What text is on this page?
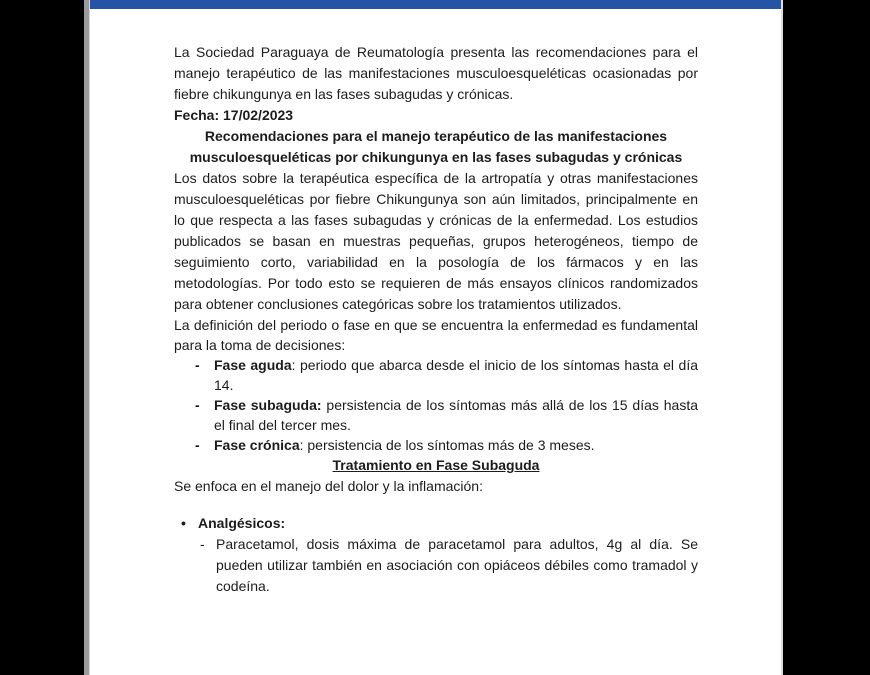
La Sociedad Paraguaya de Reumatología presenta las recomendaciones para el manejo terapéutico de las manifestaciones musculoesqueléticas ocasionadas por fiebre chikungunya en las fases subagudas y crónicas.

Fecha: 17/02/2023

Recomendaciones para el manejo terapéutico de las manifestaciones musculoesqueléticas por chikungunya en las fases subagudas y crónicas

Los datos sobre la terapéutica específica de la artropatía y otras manifestaciones musculoesqueléticas por fiebre Chikungunya son aún limitados, principalmente en lo que respecta a las fases subagudas y crónicas de la enfermedad. Los estudios publicados se basan en muestras pequeñas, grupos heterogéneos, tiempo de seguimiento corto, variabilidad en la posología de los fármacos y en las metodologías. Por todo esto se requieren de más ensayos clínicos randomizados para obtener conclusiones categóricas sobre los tratamientos utilizados.

La definición del periodo o fase en que se encuentra la enfermedad es fundamental para la toma de decisiones:

- Fase aguda: periodo que abarca desde el inicio de los síntomas hasta el día 14.
- Fase subaguda: persistencia de los síntomas más allá de los 15 días hasta el final del tercer mes.
- Fase crónica: persistencia de los síntomas más de 3 meses.

Tratamiento en Fase Subaguda

Se enfoca en el manejo del dolor y la inflamación:

• Analgésicos:
- Paracetamol, dosis máxima de paracetamol para adultos, 4g al día. Se pueden utilizar también en asociación con opiáceos débiles como tramadol y codeína.
